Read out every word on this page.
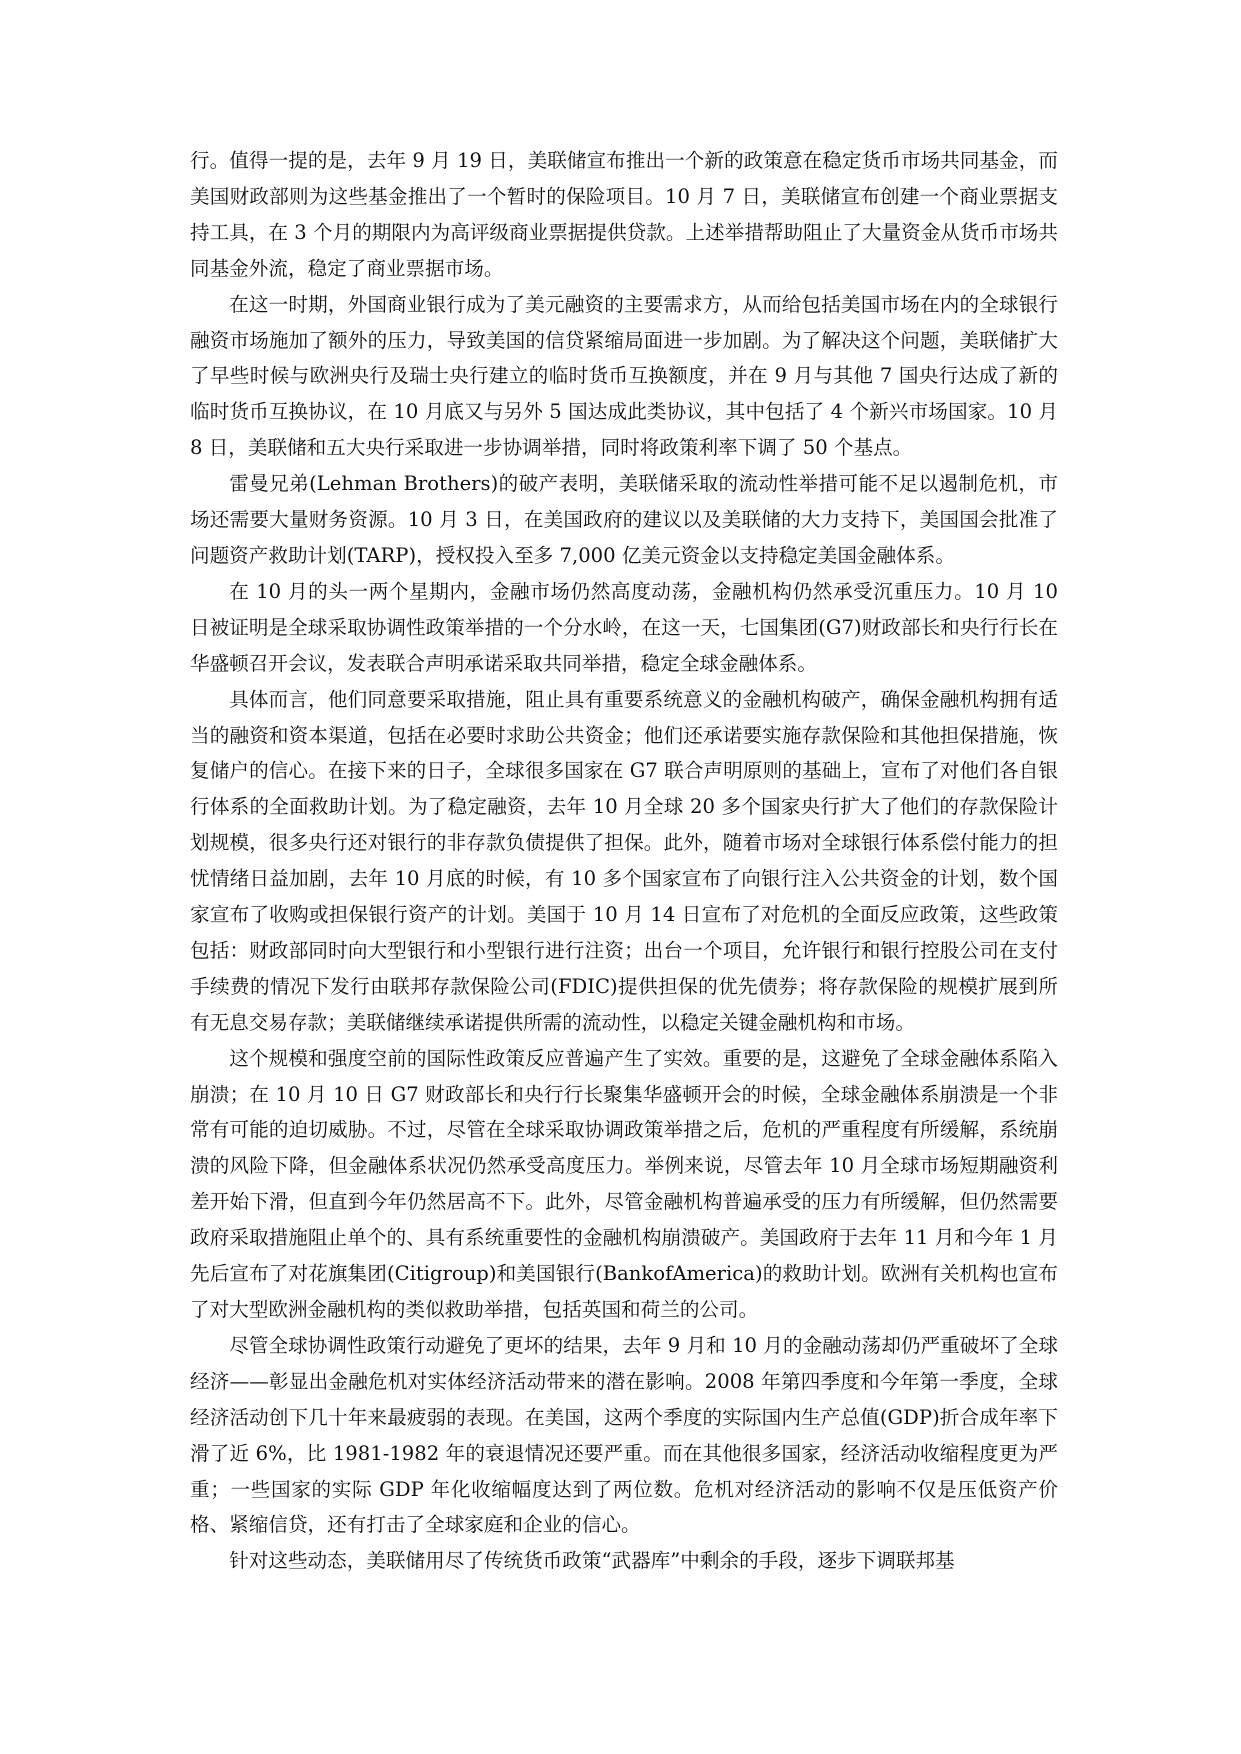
行。值得一提的是，去年 9 月 19 日，美联储宣布推出一个新的政策意在稳定货币市场共同基金，而美国财政部则为这些基金推出了一个暂时的保险项目。10 月 7 日，美联储宣布创建一个商业票据支持工具，在 3 个月的期限内为高评级商业票据提供贷款。上述举措帮助阻止了大量资金从货币市场共同基金外流，稳定了商业票据市场。

在这一时期，外国商业银行成为了美元融资的主要需求方，从而给包括美国市场在内的全球银行融资市场施加了额外的压力，导致美国的信贷紧缩局面进一步加剧。为了解决这个问题，美联储扩大了早些时候与欧洲央行及瑞士央行建立的临时货币互换额度，并在 9 月与其他 7 国央行达成了新的临时货币互换协议，在 10 月底又与另外 5 国达成此类协议，其中包括了 4 个新兴市场国家。10 月 8 日，美联储和五大央行采取进一步协调举措，同时将政策利率下调了 50 个基点。

雷曼兄弟(Lehman Brothers)的破产表明，美联储采取的流动性举措可能不足以遏制危机，市场还需要大量财务资源。10 月 3 日，在美国政府的建议以及美联储的大力支持下，美国国会批准了问题资产救助计划(TARP)，授权投入至多 7,000 亿美元资金以支持稳定美国金融体系。

在 10 月的头一两个星期内，金融市场仍然高度动荡，金融机构仍然承受沉重压力。10 月 10 日被证明是全球采取协调性政策举措的一个分水岭，在这一天，七国集团(G7)财政部长和央行行长在华盛顿召开会议，发表联合声明承诺采取共同举措，稳定全球金融体系。

具体而言，他们同意要采取措施，阻止具有重要系统意义的金融机构破产，确保金融机构拥有适当的融资和资本渠道，包括在必要时求助公共资金；他们还承诺要实施存款保险和其他担保措施，恢复储户的信心。在接下来的日子，全球很多国家在 G7 联合声明原则的基础上，宣布了对他们各自银行体系的全面救助计划。为了稳定融资，去年 10 月全球 20 多个国家央行扩大了他们的存款保险计划规模，很多央行还对银行的非存款负债提供了担保。此外，随着市场对全球银行体系偿付能力的担忧情绪日益加剧，去年 10 月底的时候，有 10 多个国家宣布了向银行注入公共资金的计划，数个国家宣布了收购或担保银行资产的计划。美国于 10 月 14 日宣布了对危机的全面反应政策，这些政策包括：财政部同时向大型银行和小型银行进行注资；出台一个项目，允许银行和银行控股公司在支付手续费的情况下发行由联邦存款保险公司(FDIC)提供担保的优先债券；将存款保险的规模扩展到所有无息交易存款；美联储继续承诺提供所需的流动性，以稳定关键金融机构和市场。

这个规模和强度空前的国际性政策反应普遍产生了实效。重要的是，这避免了全球金融体系陷入崩溃；在 10 月 10 日 G7 财政部长和央行行长聚集华盛顿开会的时候，全球金融体系崩溃是一个非常有可能的迫切威胁。不过，尽管在全球采取协调政策举措之后，危机的严重程度有所缓解，系统崩溃的风险下降，但金融体系状况仍然承受高度压力。举例来说，尽管去年 10 月全球市场短期融资利差开始下滑，但直到今年仍然居高不下。此外，尽管金融机构普遍承受的压力有所缓解，但仍然需要政府采取措施阻止单个的、具有系统重要性的金融机构崩溃破产。美国政府于去年 11 月和今年 1 月先后宣布了对花旗集团(Citigroup)和美国银行(BankofAmerica)的救助计划。欧洲有关机构也宣布了对大型欧洲金融机构的类似救助举措，包括英国和荷兰的公司。

尽管全球协调性政策行动避免了更坏的结果，去年 9 月和 10 月的金融动荡却仍严重破坏了全球经济——彰显出金融危机对实体经济活动带来的潜在影响。2008 年第四季度和今年第一季度，全球经济活动创下几十年来最疲弱的表现。在美国，这两个季度的实际国内生产总值(GDP)折合成年率下滑了近 6%，比 1981-1982 年的衰退情况还要严重。而在其他很多国家，经济活动收缩程度更为严重；一些国家的实际 GDP 年化收缩幅度达到了两位数。危机对经济活动的影响不仅是压低资产价格、紧缩信贷，还有打击了全球家庭和企业的信心。

针对这些动态，美联储用尽了传统货币政策“武器库”中剩余的手段，逐步下调联邦基
